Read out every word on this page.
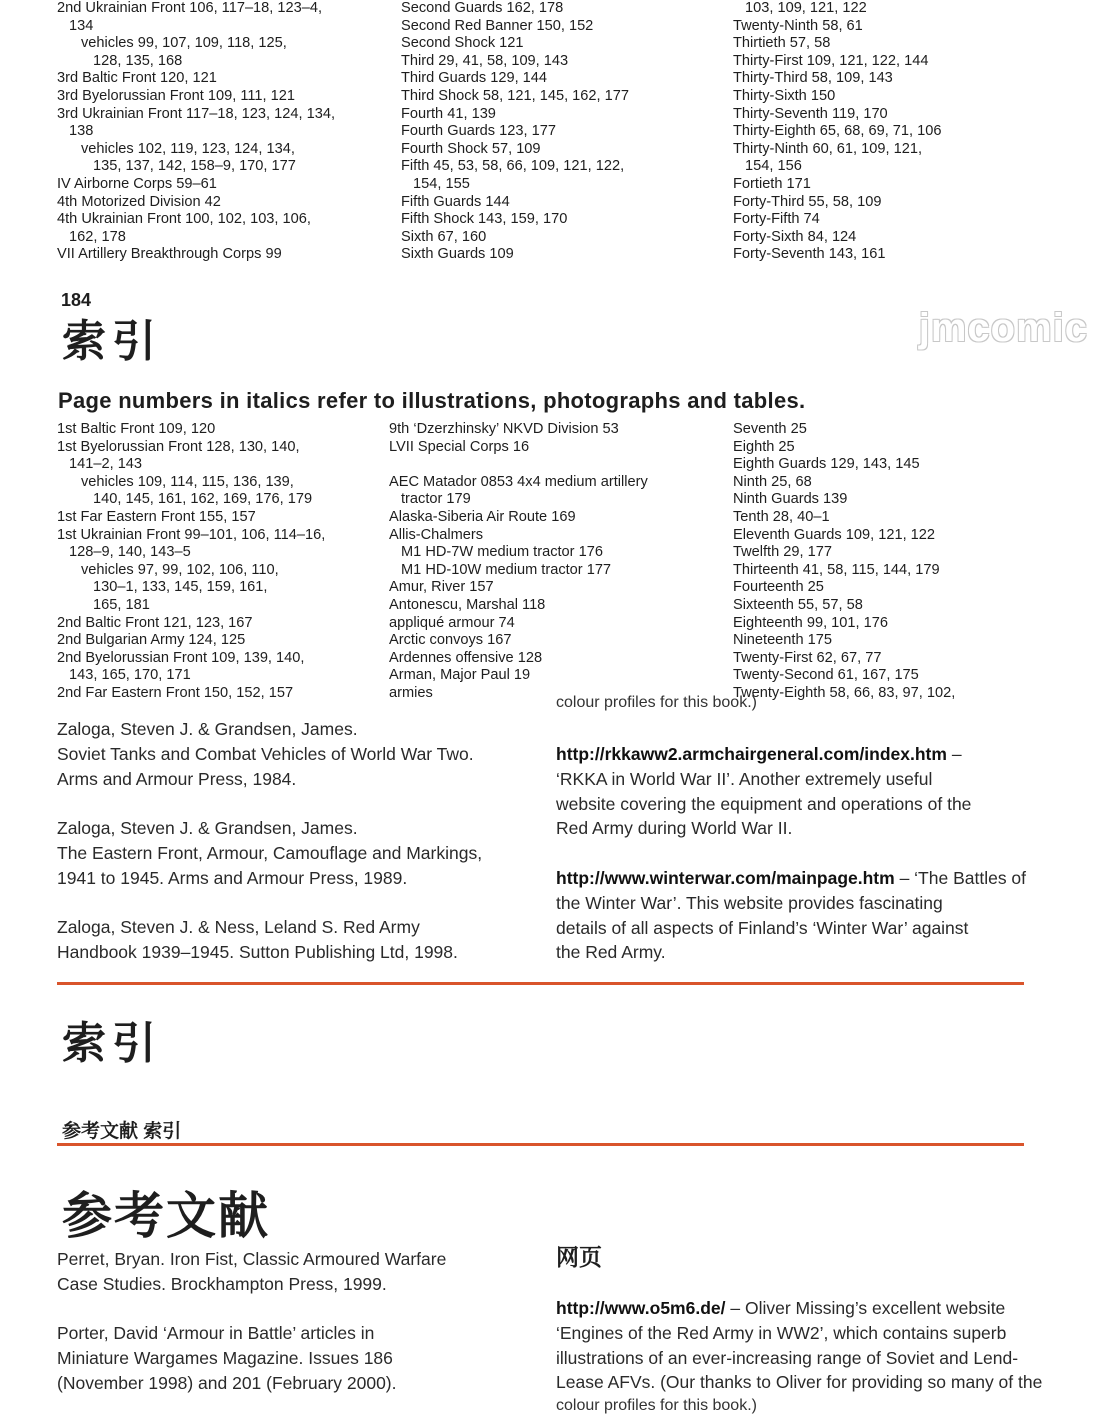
2nd Ukrainian Front 106, 117–18, 123–4,
134
vehicles 99, 107, 109, 118, 125,
128, 135, 168
3rd Baltic Front 120, 121
3rd Byelorussian Front 109, 111, 121
3rd Ukrainian Front 117–18, 123, 124, 134,
138
vehicles 102, 119, 123, 124, 134,
135, 137, 142, 158–9, 170, 177
IV Airborne Corps 59–61
4th Motorized Division 42
4th Ukrainian Front 100, 102, 103, 106,
162, 178
VII Artillery Breakthrough Corps 99
Second Guards 162, 178
Second Red Banner 150, 152
Second Shock 121
Third 29, 41, 58, 109, 143
Third Guards 129, 144
Third Shock 58, 121, 145, 162, 177
Fourth 41, 139
Fourth Guards 123, 177
Fourth Shock 57, 109
Fifth 45, 53, 58, 66, 109, 121, 122,
154, 155
Fifth Guards 144
Fifth Shock 143, 159, 170
Sixth 67, 160
Sixth Guards 109
103, 109, 121, 122
Twenty-Ninth 58, 61
Thirtieth 57, 58
Thirty-First 109, 121, 122, 144
Thirty-Third 58, 109, 143
Thirty-Sixth 150
Thirty-Seventh 119, 170
Thirty-Eighth 65, 68, 69, 71, 106
Thirty-Ninth 60, 61, 109, 121,
154, 156
Fortieth 171
Forty-Third 55, 58, 109
Forty-Fifth 74
Forty-Sixth 84, 124
Forty-Seventh 143, 161
184
jmcomic
索引
Page numbers in italics refer to illustrations, photographs and tables.
1st Baltic Front 109, 120
1st Byelorussian Front 128, 130, 140,
141–2, 143
vehicles 109, 114, 115, 136, 139,
140, 145, 161, 162, 169, 176, 179
1st Far Eastern Front 155, 157
1st Ukrainian Front 99–101, 106, 114–16,
128–9, 140, 143–5
vehicles 97, 99, 102, 106, 110,
130–1, 133, 145, 159, 161,
165, 181
2nd Baltic Front 121, 123, 167
2nd Bulgarian Army 124, 125
2nd Byelorussian Front 109, 139, 140,
143, 165, 170, 171
2nd Far Eastern Front 150, 152, 157
9th ‘Dzerzhinsky’ NKVD Division 53
LVII Special Corps 16
AEC Matador 0853 4x4 medium artillery
tractor 179
Alaska-Siberia Air Route 169
Allis-Chalmers
M1 HD-7W medium tractor 176
M1 HD-10W medium tractor 177
Amur, River 157
Antonescu, Marshal 118
appliqué armour 74
Arctic convoys 167
Ardennes offensive 128
Arman, Major Paul 19
armies
Seventh 25
Eighth 25
Eighth Guards 129, 143, 145
Ninth 25, 68
Ninth Guards 139
Tenth 28, 40–1
Eleventh Guards 109, 121, 122
Twelfth 29, 177
Thirteenth 41, 58, 115, 144, 179
Fourteenth 25
Sixteenth 55, 57, 58
Eighteenth 99, 101, 176
Nineteenth 175
Twenty-First 62, 67, 77
Twenty-Second 61, 167, 175
Twenty-Eighth 58, 66, 83, 97, 102,
colour profiles for this book.)
Zaloga, Steven J. & Grandsen, James.
Soviet Tanks and Combat Vehicles of World War Two.
Arms and Armour Press, 1984.
Zaloga, Steven J. & Grandsen, James.
The Eastern Front, Armour, Camouflage and Markings,
1941 to 1945. Arms and Armour Press, 1989.
Zaloga, Steven J. & Ness, Leland S. Red Army
Handbook 1939–1945. Sutton Publishing Ltd, 1998.
http://rkkaww2.armchairgeneral.com/index.htm –
‘RKKA in World War II’. Another extremely useful
website covering the equipment and operations of the
Red Army during World War II.
http://www.winterwar.com/mainpage.htm – ‘The Battles of
the Winter War’. This website provides fascinating
details of all aspects of Finland’s ‘Winter War’ against
the Red Army.
索引
参考文献 索引
参考文献
网页
Perret, Bryan. Iron Fist, Classic Armoured Warfare
Case Studies. Brockhampton Press, 1999.
Porter, David ‘Armour in Battle’ articles in
Miniature Wargames Magazine. Issues 186
(November 1998) and 201 (February 2000).
http://www.o5m6.de/ – Oliver Missing’s excellent website
‘Engines of the Red Army in WW2’, which contains superb
illustrations of an ever-increasing range of Soviet and Lend-
Lease AFVs. (Our thanks to Oliver for providing so many of the
colour profiles for this book.)
